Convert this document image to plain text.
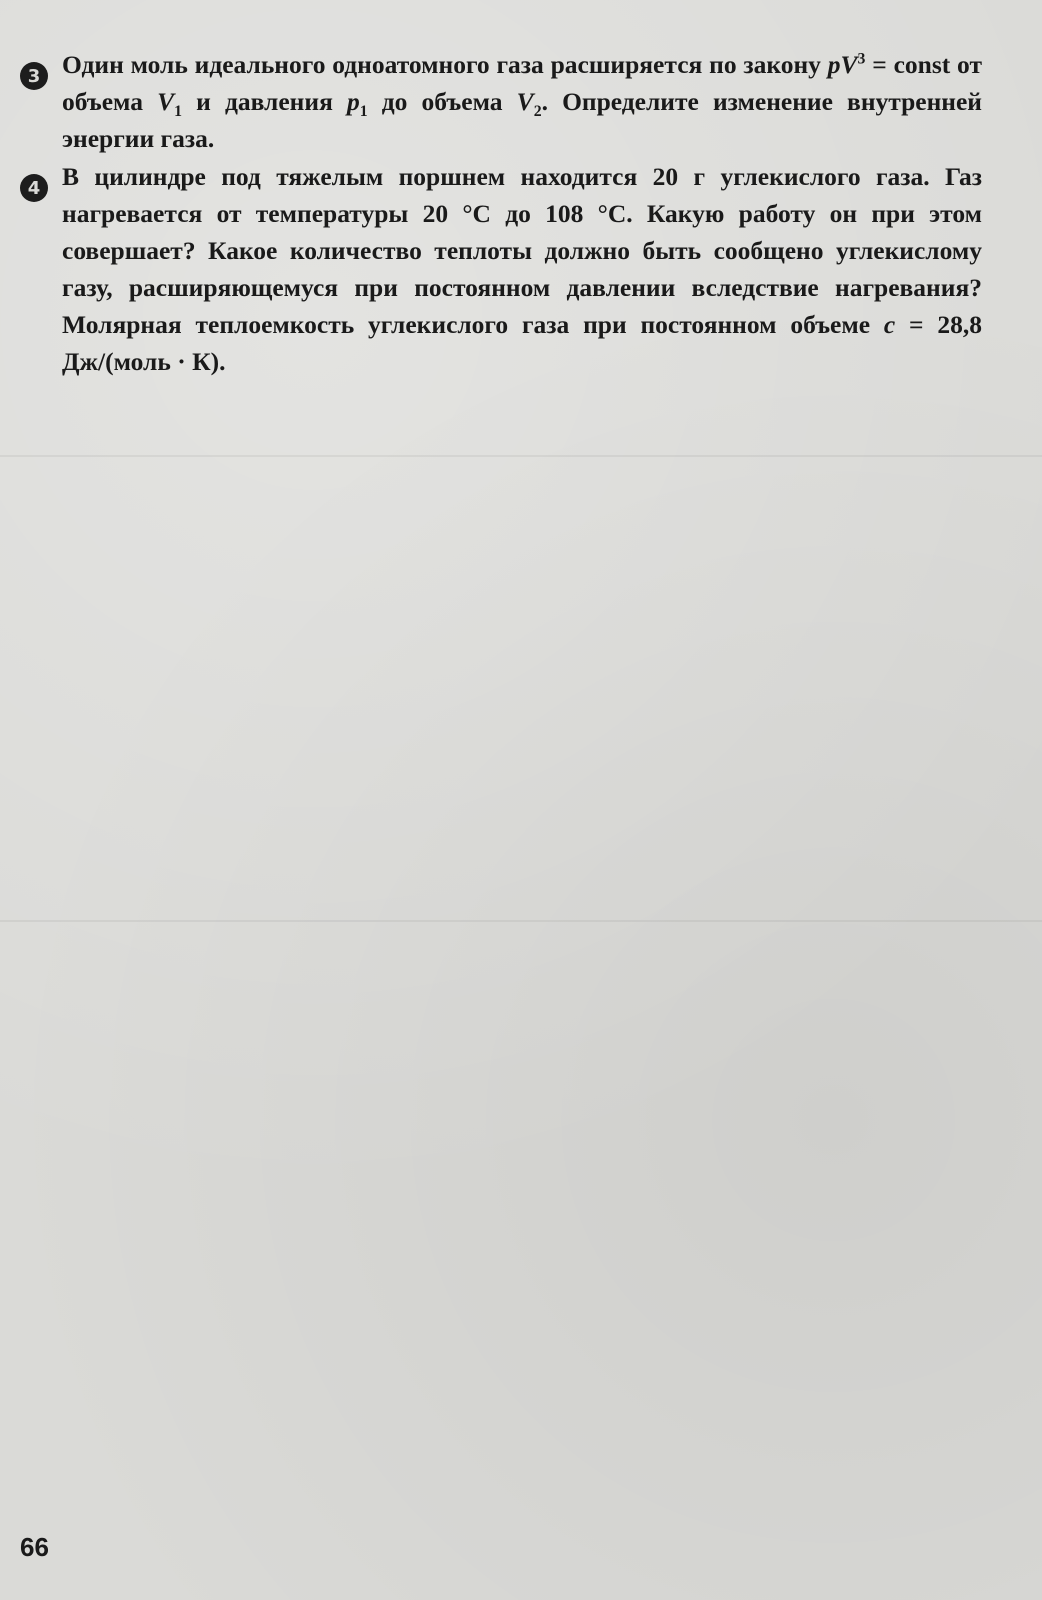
3 Один моль идеального одноатомного газа расширяется по закону $pV^3$ = const от объема $V_1$ и давления $p_1$ до объема $V_2$. Определите изменение внутренней энергии газа.
4 В цилиндре под тяжелым поршнем находится 20 г углекислого газа. Газ нагревается от температуры 20 °C до 108 °C. Какую работу он при этом совершает? Какое количество теплоты должно быть сообщено углекислому газу, расширяющемуся при постоянном давлении вследствие нагревания? Молярная теплоемкость углекислого газа при постоянном объеме c = 28,8 Дж/(моль · К).
66
